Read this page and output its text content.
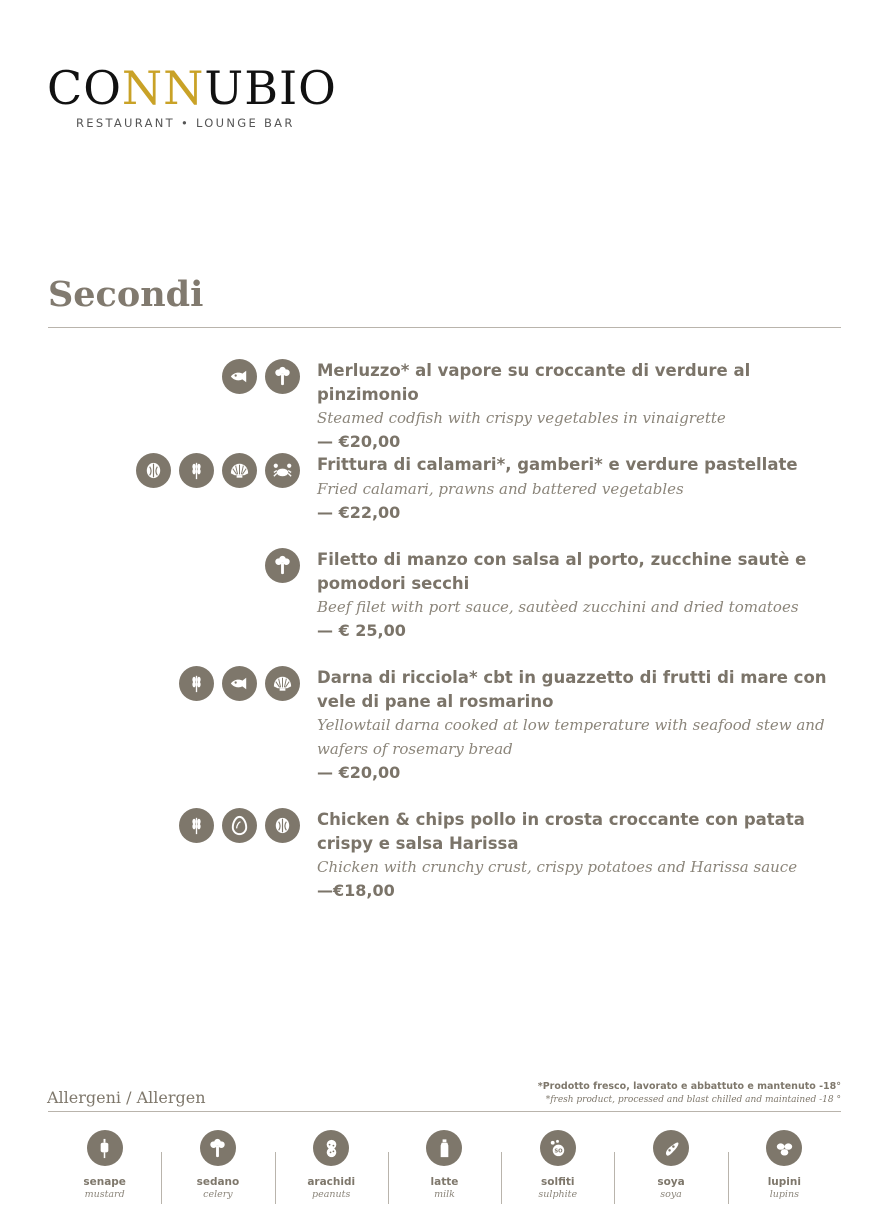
CONNUBIO
RESTAURANT • LOUNGE BAR
Secondi
Merluzzo* al vapore su croccante di verdure al pinzimonio
Steamed codfish with crispy vegetables in vinaigrette
— €20,00
Frittura di calamari*, gamberi* e verdure pastellate
Fried calamari, prawns and battered vegetables
— €22,00
Filetto di manzo con salsa al porto, zucchine sautè e pomodori secchi
Beef filet with port sauce, sautèed zucchini and dried tomatoes
— € 25,00
Darna di ricciola* cbt in guazzetto di frutti di mare con vele di pane al rosmarino
Yellowtail darna cooked at low temperature with seafood stew and wafers of rosemary bread
— €20,00
Chicken & chips pollo in crosta croccante con patata crispy e salsa Harissa
Chicken with crunchy crust, crispy potatoes and Harissa sauce
—€18,00
Allergeni / Allergen
*Prodotto fresco, lavorato e abbattuto e mantenuto -18°
*fresh product, processed and blast chilled and maintained -18 °
senape
mustard
sedano
celery
arachidi
peanuts
latte
milk
SO
solfiti
sulphite
soya
soya
lupini
lupins
